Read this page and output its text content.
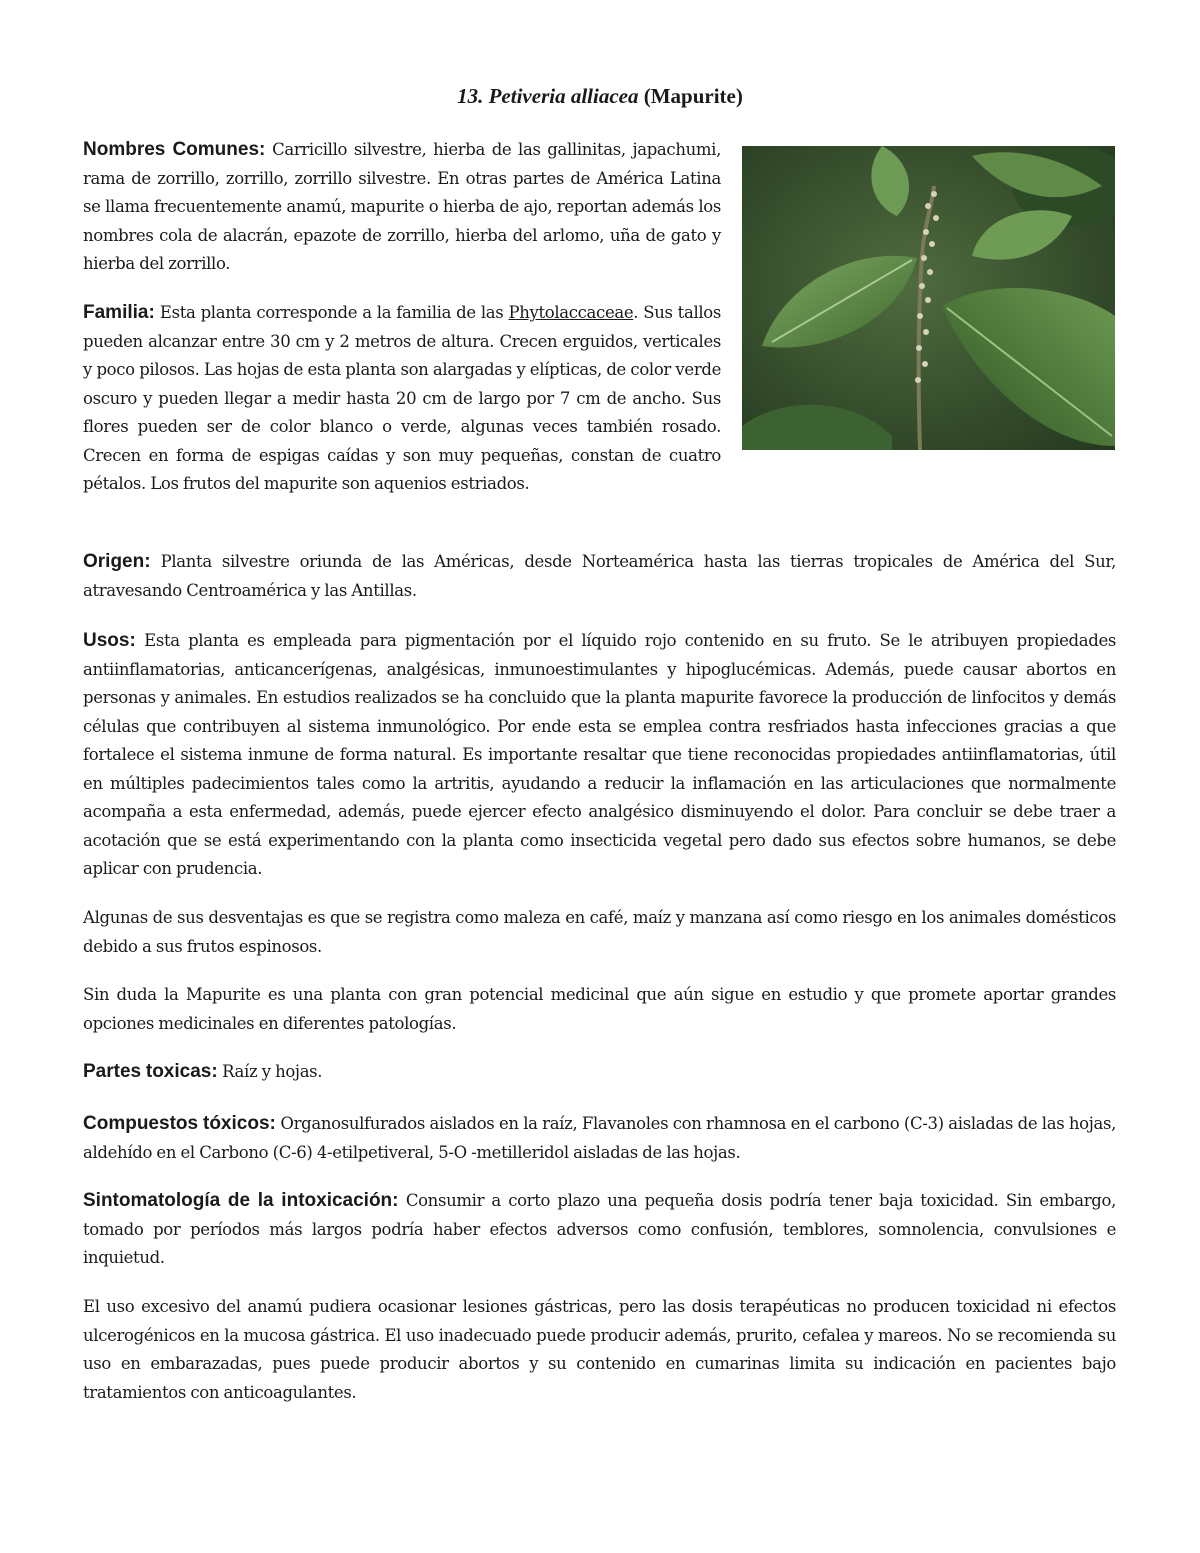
13. Petiveria alliacea (Mapurite)
Nombres Comunes: Carricillo silvestre, hierba de las gallinitas, japachumi, rama de zorrillo, zorrillo, zorrillo silvestre. En otras partes de América Latina se llama frecuentemente anamú, mapurite o hierba de ajo, reportan además los nombres cola de alacrán, epazote de zorrillo, hierba del arlomo, uña de gato y hierba del zorrillo.
Familia: Esta planta corresponde a la familia de las Phytolaccaceae. Sus tallos pueden alcanzar entre 30 cm y 2 metros de altura. Crecen erguidos, verticales y poco pilosos. Las hojas de esta planta son alargadas y elípticas, de color verde oscuro y pueden llegar a medir hasta 20 cm de largo por 7 cm de ancho. Sus flores pueden ser de color blanco o verde, algunas veces también rosado. Crecen en forma de espigas caídas y son muy pequeñas, constan de cuatro pétalos. Los frutos del mapurite son aquenios estriados.
Origen: Planta silvestre oriunda de las Américas, desde Norteamérica hasta las tierras tropicales de América del Sur, atravesando Centroamérica y las Antillas.
Usos: Esta planta es empleada para pigmentación por el líquido rojo contenido en su fruto. Se le atribuyen propiedades antiinflamatorias, anticancerígenas, analgésicas, inmunoestimulantes y hipoglucémicas. Además, puede causar abortos en personas y animales. En estudios realizados se ha concluido que la planta mapurite favorece la producción de linfocitos y demás células que contribuyen al sistema inmunológico. Por ende esta se emplea contra resfriados hasta infecciones gracias a que fortalece el sistema inmune de forma natural. Es importante resaltar que tiene reconocidas propiedades antiinflamatorias, útil en múltiples padecimientos tales como la artritis, ayudando a reducir la inflamación en las articulaciones que normalmente acompaña a esta enfermedad, además, puede ejercer efecto analgésico disminuyendo el dolor. Para concluir se debe traer a acotación que se está experimentando con la planta como insecticida vegetal pero dado sus efectos sobre humanos, se debe aplicar con prudencia.
Algunas de sus desventajas es que se registra como maleza en café, maíz y manzana así como riesgo en los animales domésticos debido a sus frutos espinosos.
Sin duda la Mapurite es una planta con gran potencial medicinal que aún sigue en estudio y que promete aportar grandes opciones medicinales en diferentes patologías.
Partes toxicas: Raíz y hojas.
Compuestos tóxicos: Organosulfurados aislados en la raíz, Flavanoles con rhamnosa en el carbono (C-3) aisladas de las hojas, aldehído en el Carbono (C-6) 4-etilpetiveral, 5-O -metilleridol aisladas de las hojas.
Sintomatología de la intoxicación: Consumir a corto plazo una pequeña dosis podría tener baja toxicidad. Sin embargo, tomado por períodos más largos podría haber efectos adversos como confusión, temblores, somnolencia, convulsiones e inquietud.
El uso excesivo del anamú pudiera ocasionar lesiones gástricas, pero las dosis terapéuticas no producen toxicidad ni efectos ulcerogénicos en la mucosa gástrica. El uso inadecuado puede producir además, prurito, cefalea y mareos. No se recomienda su uso en embarazadas, pues puede producir abortos y su contenido en cumarinas limita su indicación en pacientes bajo tratamientos con anticoagulantes.
